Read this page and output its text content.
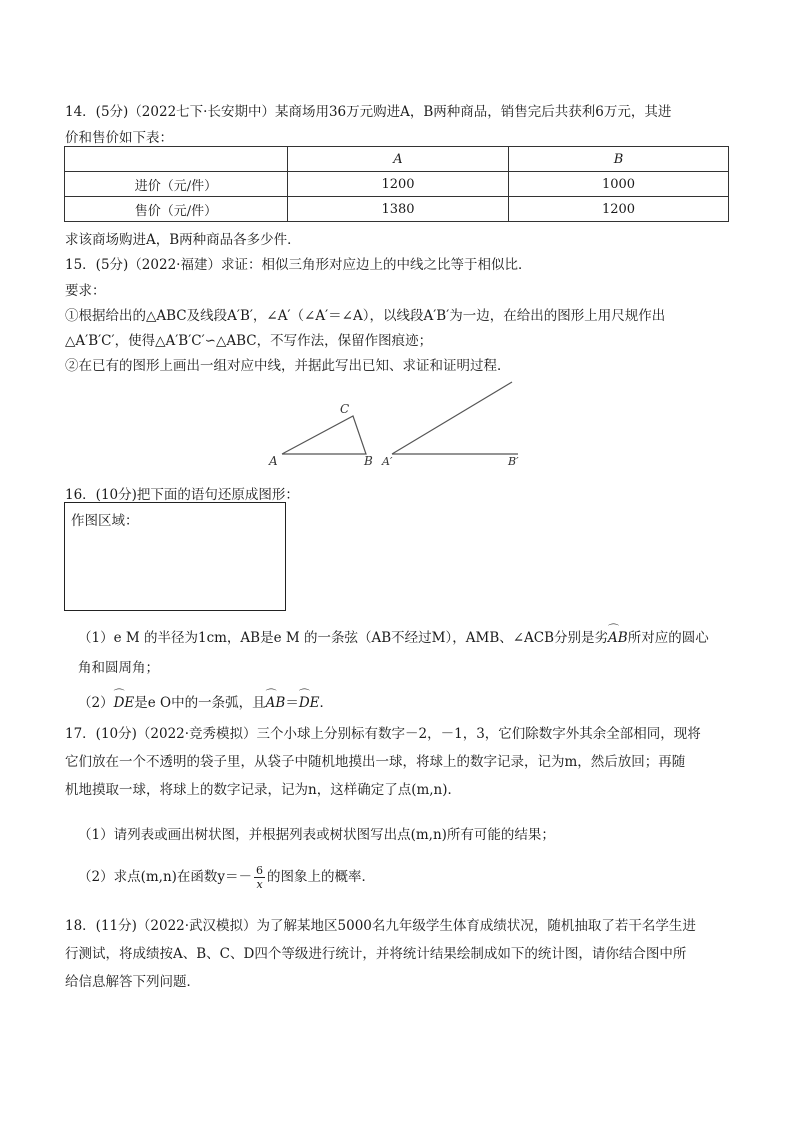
14．(5分)（2022七下·长安期中）某商场用36万元购进A，B两种商品，销售完后共获利6万元，其进
价和售价如下表：
	A	B
进价（元/件）	1200	1000
售价（元/件）	1380	1200
求该商场购进A，B两种商品各多少件．
15．(5分)（2022·福建）求证：相似三角形对应边上的中线之比等于相似比．
要求：
①根据给出的△ABC及线段A′B′，∠A′（∠A′＝∠A），以线段A′B′为一边，在给出的图形上用尺规作出
△A′B′C′，使得△A′B′C′∽△ABC，不写作法，保留作图痕迹；
②在已有的图形上画出一组对应中线，并据此写出已知、求证和证明过程．
A	B
C
A′	B′
16．(10分)把下面的语句还原成图形：
作图区域：
（1）e M 的半径为1cm，AB是e M 的一条弦（AB不经过M），AMB、∠ACB分别是劣⌒ AB所对应的圆心
角和圆周角；
（2）⌒ DE是e O中的一条弧，且⌒ AB＝⌒ DE．
17．(10分)（2022·竞秀模拟）三个小球上分别标有数字－2，－1，3，它们除数字外其余全部相同，现将
它们放在一个不透明的袋子里，从袋子中随机地摸出一球，将球上的数字记录，记为m，然后放回；再随
机地摸取一球，将球上的数字记录，记为n，这样确定了点(m,n)．
（1）请列表或画出树状图，并根据列表或树状图写出点(m,n)所有可能的结果；
（2）求点(m,n)在函数$y=- \frac{6}{x}$ 的图象上的概率．
18．(11分)（2022·武汉模拟）为了解某地区5000名九年级学生体育成绩状况，随机抽取了若干名学生进
行测试，将成绩按A、B、C、D四个等级进行统计，并将统计结果绘制成如下的统计图，请你结合图中所
给信息解答下列问题．
